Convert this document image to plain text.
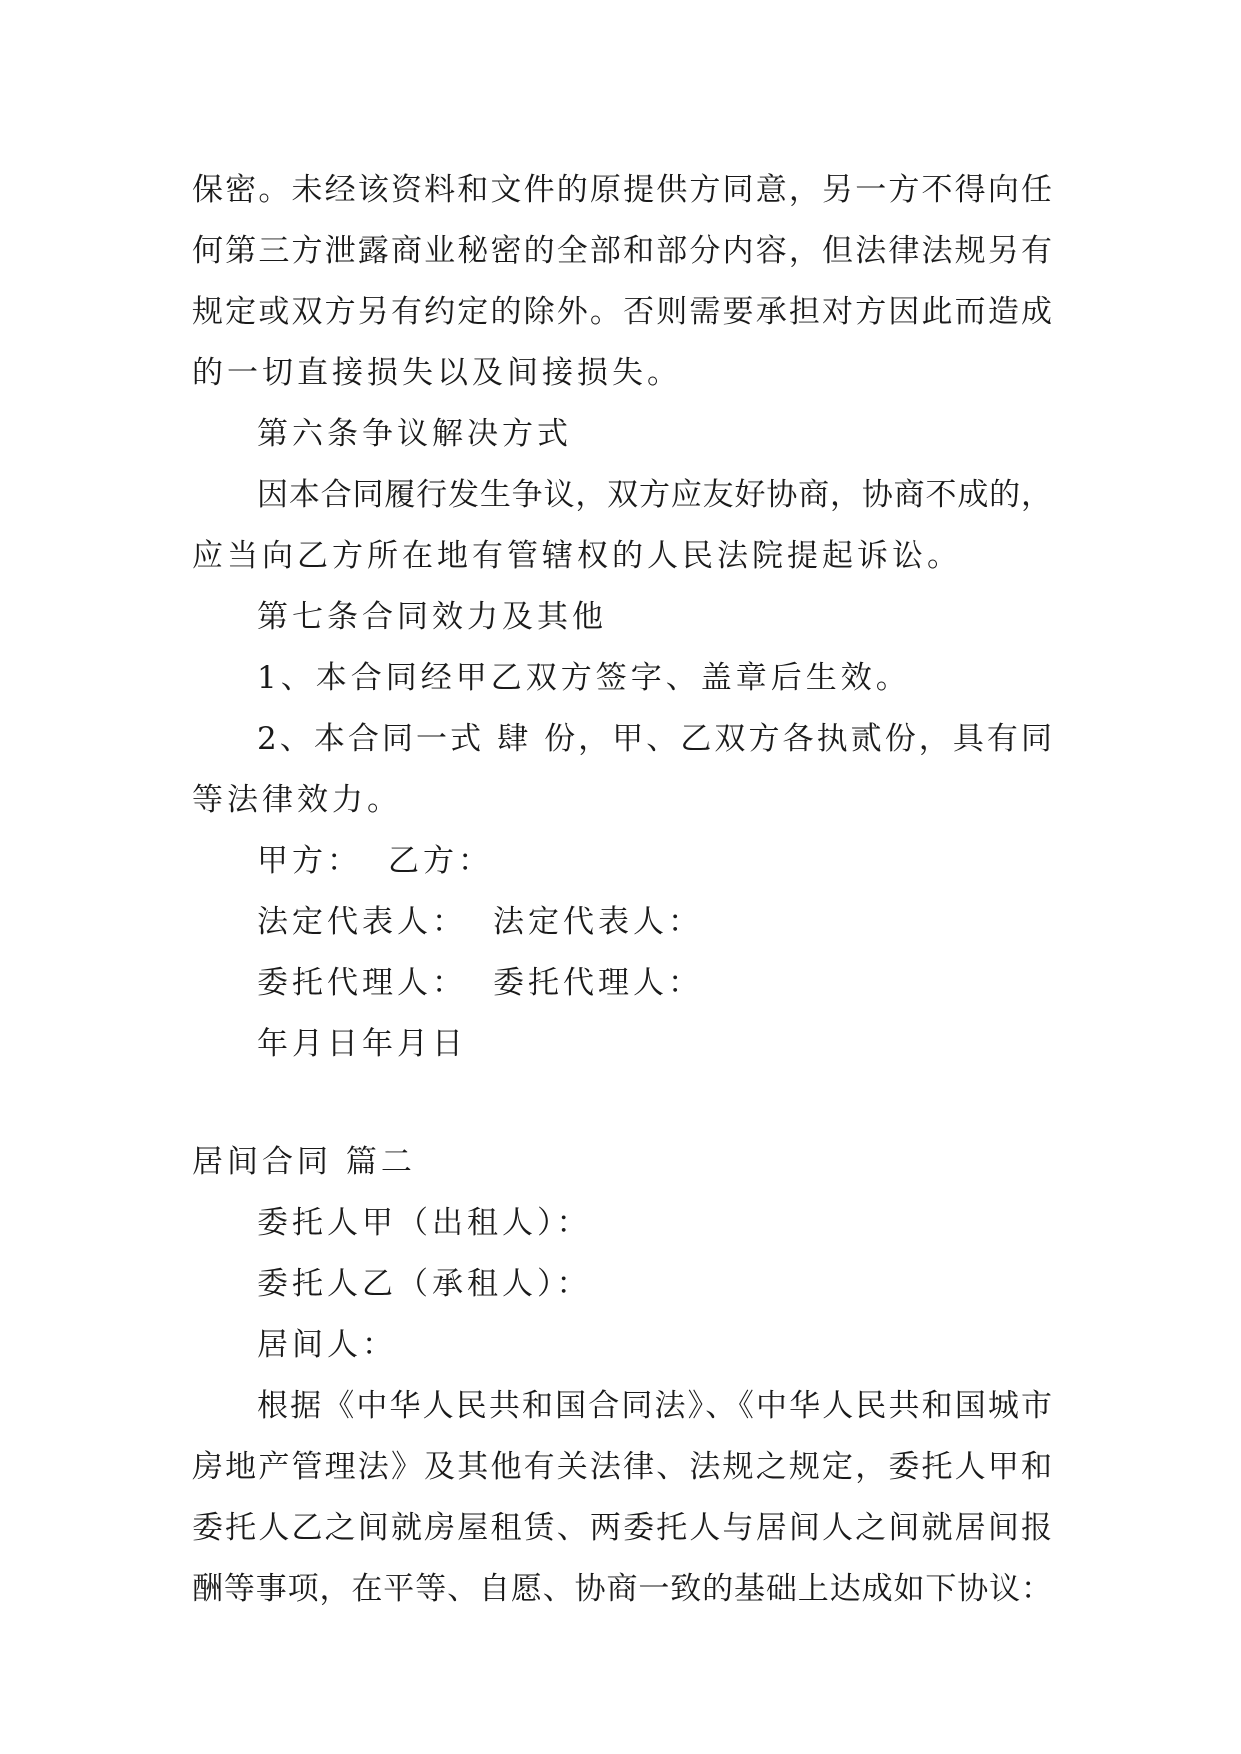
保密。未经该资料和文件的原提供方同意，另一方不得向任
何第三方泄露商业秘密的全部和部分内容，但法律法规另有
规定或双方另有约定的除外。否则需要承担对方因此而造成
的一切直接损失以及间接损失。
第六条争议解决方式
因本合同履行发生争议，双方应友好协商，协商不成的，
应当向乙方所在地有管辖权的人民法院提起诉讼。
第七条合同效力及其他
1、本合同经甲乙双方签字、盖章后生效。
2、本合同一式 肆 份，甲、乙双方各执贰份，具有同
等法律效力。
甲方： 乙方：
法定代表人： 法定代表人：
委托代理人： 委托代理人：
年月日年月日
居间合同 篇二
委托人甲（出租人）：
委托人乙（承租人）：
居间人：
根据《中华人民共和国合同法》、《中华人民共和国城市
房地产管理法》及其他有关法律、法规之规定，委托人甲和
委托人乙之间就房屋租赁、两委托人与居间人之间就居间报
酬等事项，在平等、自愿、协商一致的基础上达成如下协议：
